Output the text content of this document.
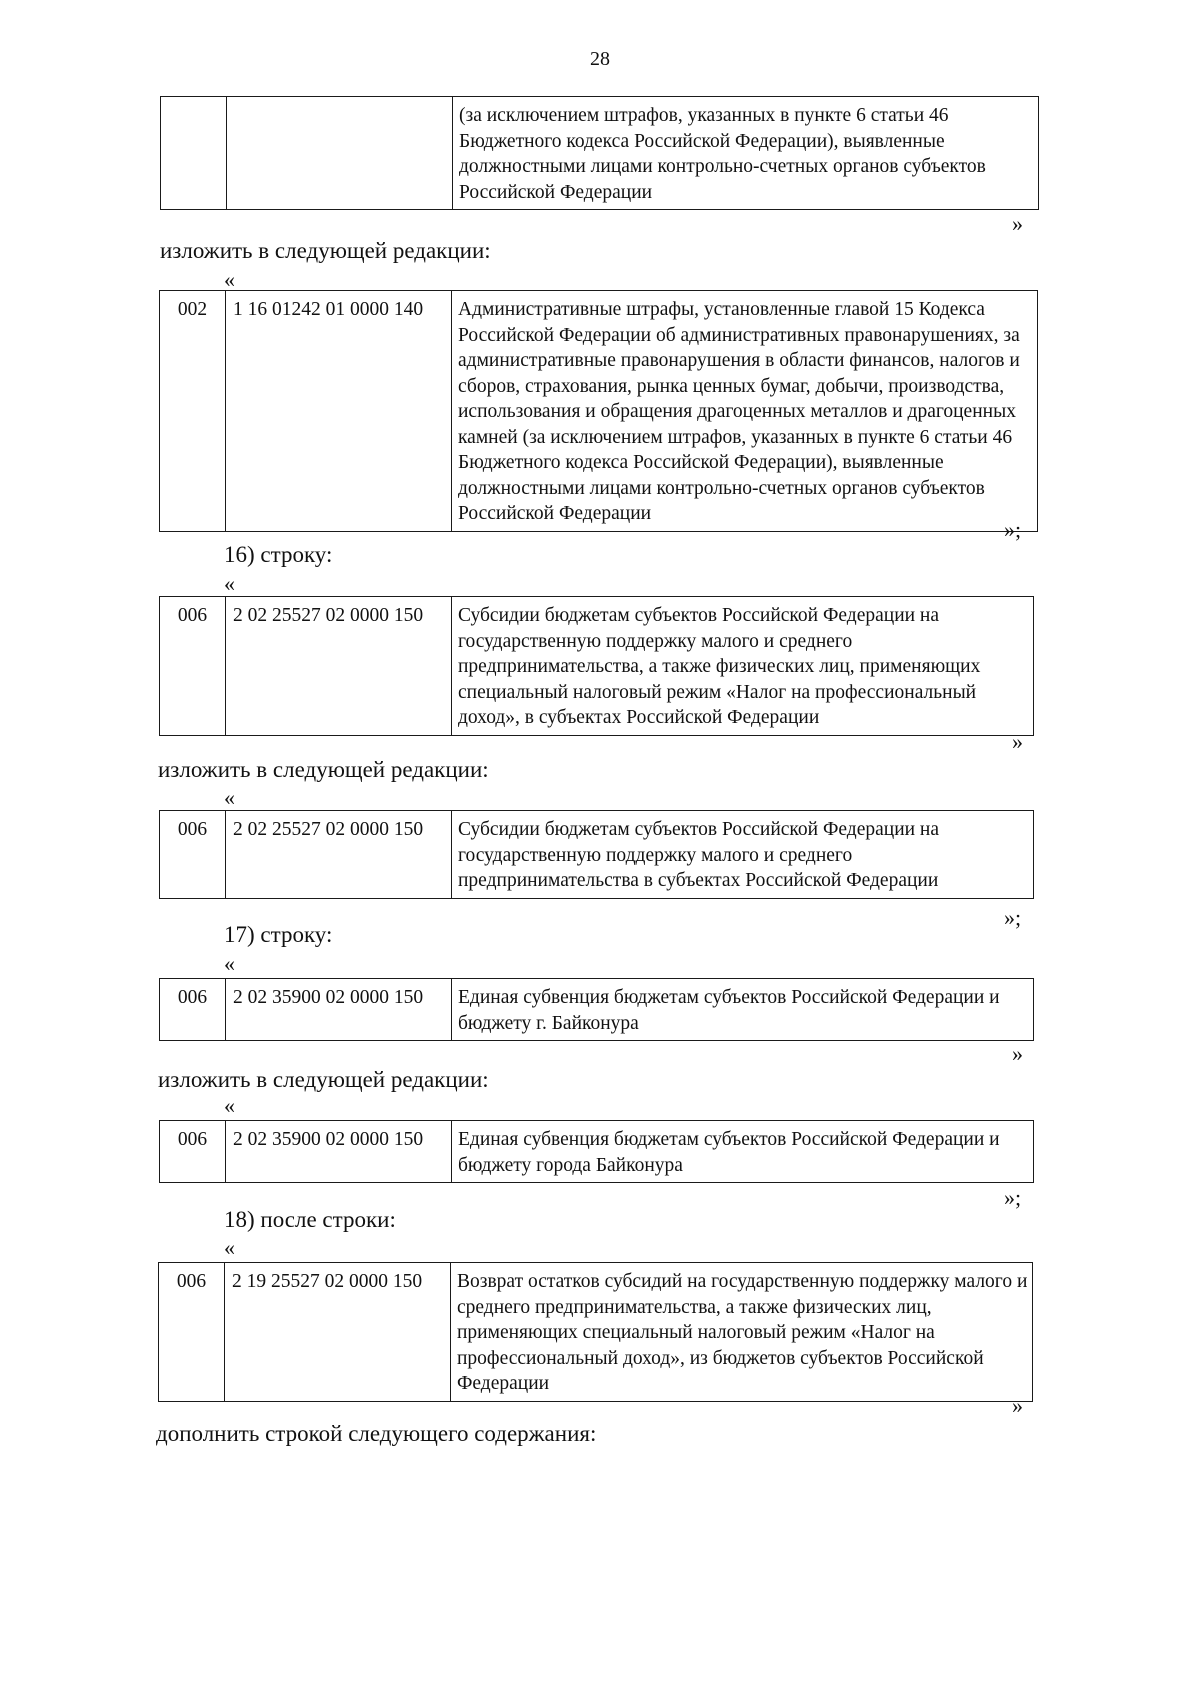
28
		(за исключением штрафов, указанных в пункте 6 статьи 46 Бюджетного кодекса Российской Федерации), выявленные должностными лицами контрольно-счетных органов субъектов Российской Федерации
»
изложить в следующей редакции:
«
002	1 16 01242 01 0000 140	Административные штрафы, установленные главой 15 Кодекса Российской Федерации об административных правонарушениях, за административные правонарушения в области финансов, налогов и сборов, страхования, рынка ценных бумаг, добычи, производства, использования и обращения драгоценных металлов и драгоценных камней (за исключением штрафов, указанных в пункте 6 статьи 46 Бюджетного кодекса Российской Федерации), выявленные должностными лицами контрольно-счетных органов субъектов Российской Федерации
»;
16) строку:
«
006	2 02 25527 02 0000 150	Субсидии бюджетам субъектов Российской Федерации на государственную поддержку малого и среднего предпринимательства, а также физических лиц, применяющих специальный налоговый режим «Налог на профессиональный доход», в субъектах Российской Федерации
»
изложить в следующей редакции:
«
006	2 02 25527 02 0000 150	Субсидии бюджетам субъектов Российской Федерации на государственную поддержку малого и среднего предпринимательства в субъектах Российской Федерации
»;
17) строку:
«
006	2 02 35900 02 0000 150	Единая субвенция бюджетам субъектов Российской Федерации и бюджету г. Байконура
»
изложить в следующей редакции:
«
006	2 02 35900 02 0000 150	Единая субвенция бюджетам субъектов Российской Федерации и бюджету города Байконура
»;
18) после строки:
«
006	2 19 25527 02 0000 150	Возврат остатков субсидий на государственную поддержку малого и среднего предпринимательства, а также физических лиц, применяющих специальный налоговый режим «Налог на профессиональный доход», из бюджетов субъектов Российской Федерации
»
дополнить строкой следующего содержания:
